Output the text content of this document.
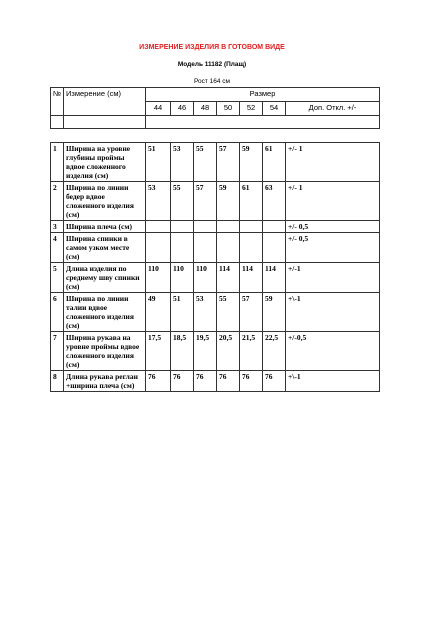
ИЗМЕРЕНИЕ ИЗДЕЛИЯ В ГОТОВОМ ВИДЕ
Модель 11182 (Плащ)
Рост 164 см
№	Измерение (см)	Размер						
		44	46	48	50	52	54	Доп. Откл. +/-

1	Ширина на уровне глубины проймы вдвое сложенного изделия (см)	51	53	55	57	59	61	+/- 1
2	Ширина по линии бедер вдвое сложенного изделия (см)	53	55	57	59	61	63	+/- 1
3	Ширина плеча (см)							+/- 0,5
4	Ширина спинки в самом узком месте (см)							+/- 0,5
5	Длина изделия по среднему шву спинки (см)	110	110	110	114	114	114	+/-1
6	Ширина по линии талии вдвое сложенного изделия (см)	49	51	53	55	57	59	+\-1
7	Ширина рукава на уровне проймы вдвое сложенного изделия (см)	17,5	18,5	19,5	20,5	21,5	22,5	+/-0,5
8	Длина рукава реглан +ширина плеча (см)	76	76	76	76	76	76	+\-1
